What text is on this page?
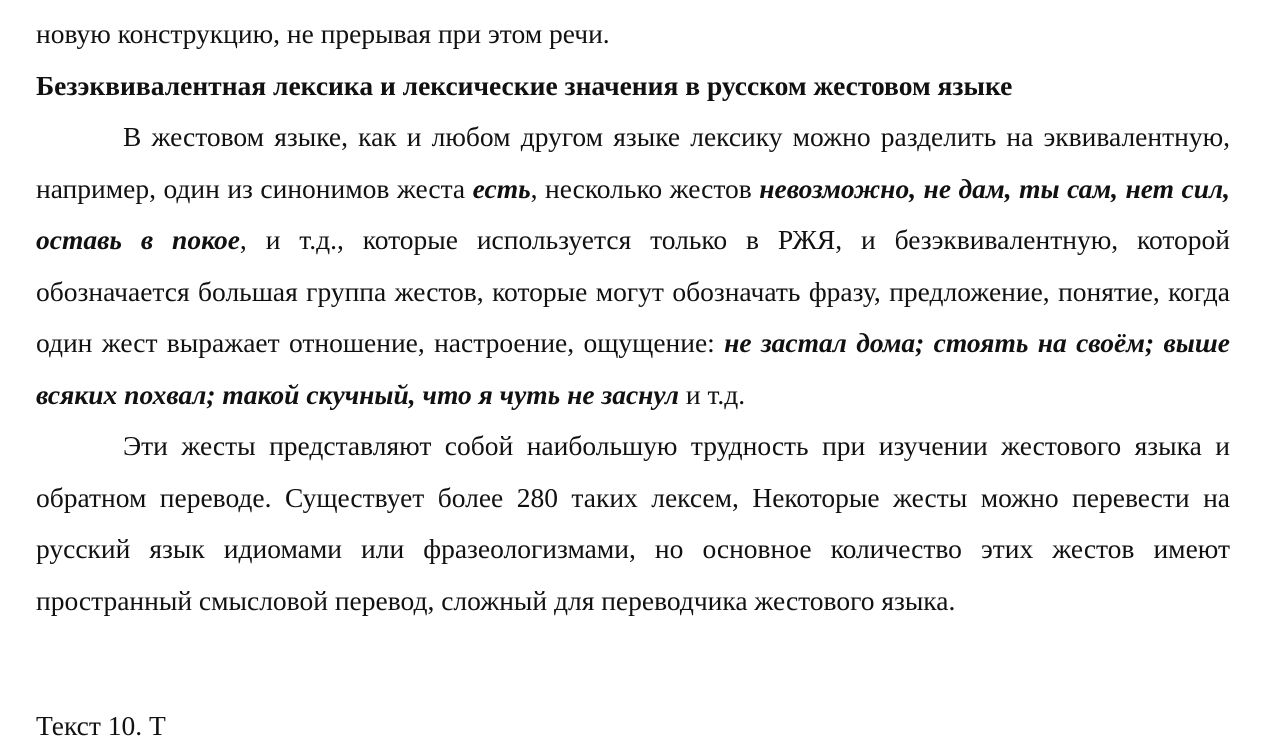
новую конструкцию, не прерывая при этом речи.

Безэквивалентная лексика и лексические значения в русском жестовом языке

В жестовом языке, как и любом другом языке лексику можно разделить на эквивалентную, например, один из синонимов жеста есть, несколько жестов невозможно, не дам, ты сам, нет сил, оставь в покое, и т.д., которые используется только в РЖЯ, и безэквивалентную, которой обозначается большая группа жестов, которые могут обозначать фразу, предложение, понятие, когда один жест выражает отношение, настроение, ощущение: не застал дома; стоять на своём; выше всяких похвал; такой скучный, что я чуть не заснул и т.д.

Эти жесты представляют собой наибольшую трудность при изучении жестового языка и обратном переводе. Существует более 280 таких лексем, Некоторые жесты можно перевести на русский язык идиомами или фразеологизмами, но основное количество этих жестов имеют пространный смысловой перевод, сложный для переводчика жестового языка.

Текст 10. Т
